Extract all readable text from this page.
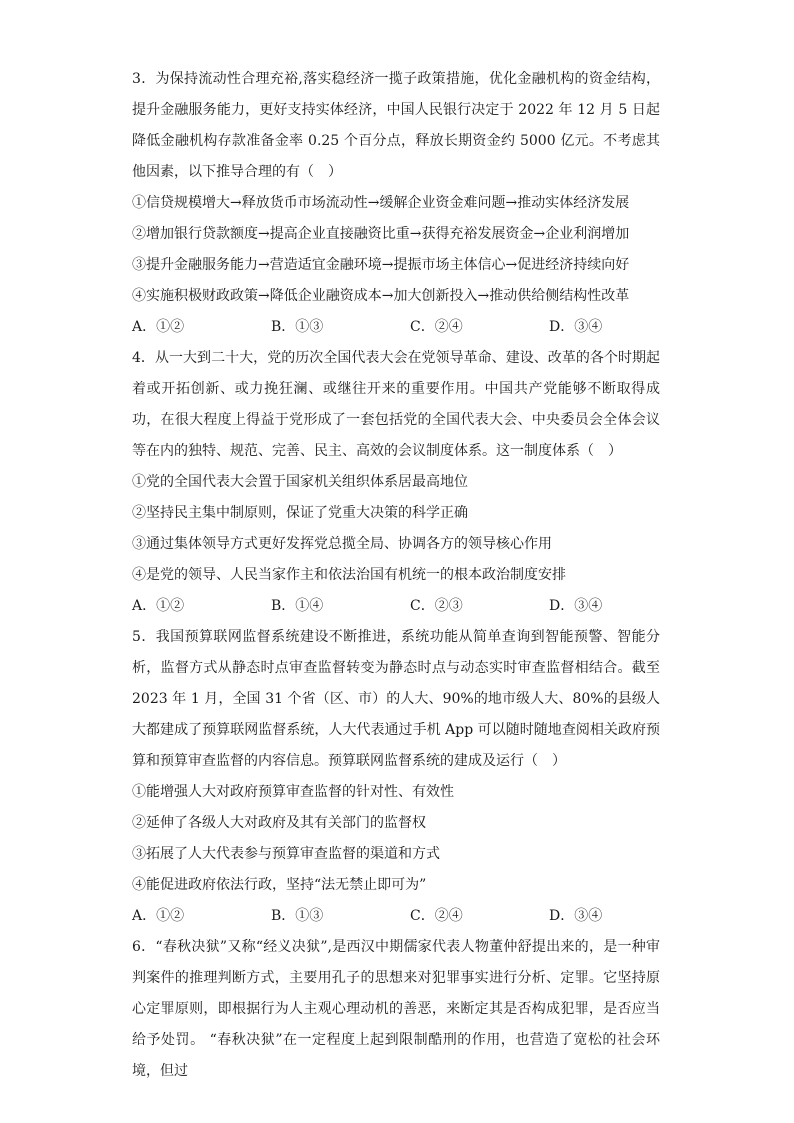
3．为保持流动性合理充裕,落实稳经济一揽子政策措施，优化金融机构的资金结构，提升金融服务能力，更好支持实体经济，中国人民银行决定于 2022 年 12 月 5 日起降低金融机构存款准备金率 0.25 个百分点，释放长期资金约 5000 亿元。不考虑其他因素，以下推导合理的有（　）

①信贷规模增大→释放货币市场流动性→缓解企业资金难问题→推动实体经济发展

②增加银行贷款额度→提高企业直接融资比重→获得充裕发展资金→企业利润增加

③提升金融服务能力→营造适宜金融环境→提振市场主体信心→促进经济持续向好

④实施积极财政政策→降低企业融资成本→加大创新投入→推动供给侧结构性改革

A．①②	B．①③	C．②④	D．③④

4．从一大到二十大，党的历次全国代表大会在党领导革命、建设、改革的各个时期起着或开拓创新、或力挽狂澜、或继往开来的重要作用。中国共产党能够不断取得成功，在很大程度上得益于党形成了一套包括党的全国代表大会、中央委员会全体会议等在内的独特、规范、完善、民主、高效的会议制度体系。这一制度体系（　）

①党的全国代表大会置于国家机关组织体系居最高地位

②坚持民主集中制原则，保证了党重大决策的科学正确

③通过集体领导方式更好发挥党总揽全局、协调各方的领导核心作用

④是党的领导、人民当家作主和依法治国有机统一的根本政治制度安排

A．①②	B．①④	C．②③	D．③④

5．我国预算联网监督系统建设不断推进，系统功能从简单查询到智能预警、智能分析，监督方式从静态时点审查监督转变为静态时点与动态实时审查监督相结合。截至 2023 年 1 月，全国 31 个省（区、市）的人大、90%的地市级人大、80%的县级人大都建成了预算联网监督系统，人大代表通过手机 App 可以随时随地查阅相关政府预算和预算审查监督的内容信息。预算联网监督系统的建成及运行（　）

①能增强人大对政府预算审查监督的针对性、有效性

②延伸了各级人大对政府及其有关部门的监督权

③拓展了人大代表参与预算审查监督的渠道和方式

④能促进政府依法行政，坚持“法无禁止即可为”

A．①②	B．①③	C．②④	D．③④

6．“春秋决狱”又称“经义决狱”,是西汉中期儒家代表人物董仲舒提出来的，是一种审判案件的推理判断方式，主要用孔子的思想来对犯罪事实进行分析、定罪。它坚持原心定罪原则，即根据行为人主观心理动机的善恶，来断定其是否构成犯罪，是否应当给予处罚。 “春秋决狱”在一定程度上起到限制酷刑的作用，也营造了宽松的社会环境，但过
